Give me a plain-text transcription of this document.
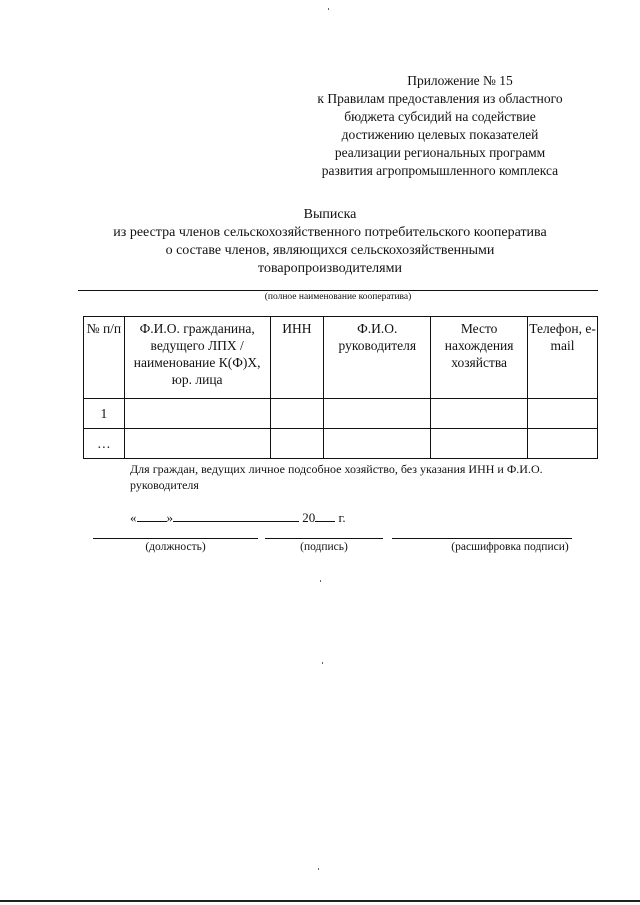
Приложение № 15
к Правилам предоставления из областного
бюджета субсидий на содействие
достижению целевых показателей
реализации региональных программ
развития агропромышленного комплекса
Выписка
из реестра членов сельскохозяйственного потребительского кооператива
о составе членов, являющихся сельскохозяйственными
товаропроизводителями
(полное наименование кооператива)
№ п/п	Ф.И.О. гражданина, ведущего ЛПХ / наименование К(Ф)Х, юр. лица	ИНН	Ф.И.О. руководителя	Место нахождения хозяйства	Телефон, e-mail
1					
…					
Для граждан, ведущих личное подсобное хозяйство, без указания ИНН и Ф.И.О. руководителя
« »	20 г.
(должность)	(подпись)	(расшифровка подписи)
